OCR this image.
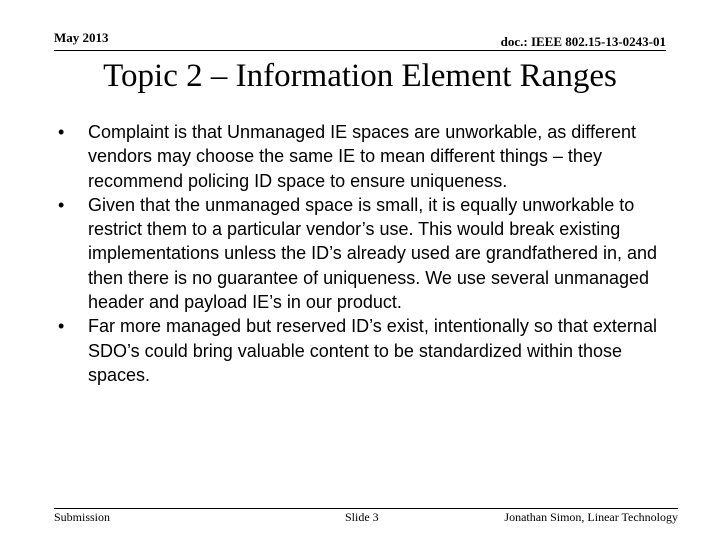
May 2013	doc.: IEEE 802.15-13-0243-01
Topic 2 – Information Element Ranges
• Complaint is that Unmanaged IE spaces are unworkable, as different vendors may choose the same IE to mean different things – they recommend policing ID space to ensure uniqueness.
• Given that the unmanaged space is small, it is equally unworkable to restrict them to a particular vendor’s use. This would break existing implementations unless the ID’s already used are grandfathered in, and then there is no guarantee of uniqueness. We use several unmanaged header and payload IE’s in our product.
• Far more managed but reserved ID’s exist, intentionally so that external SDO’s could bring valuable content to be standardized within those spaces.
Submission	Slide 3	Jonathan Simon, Linear Technology
